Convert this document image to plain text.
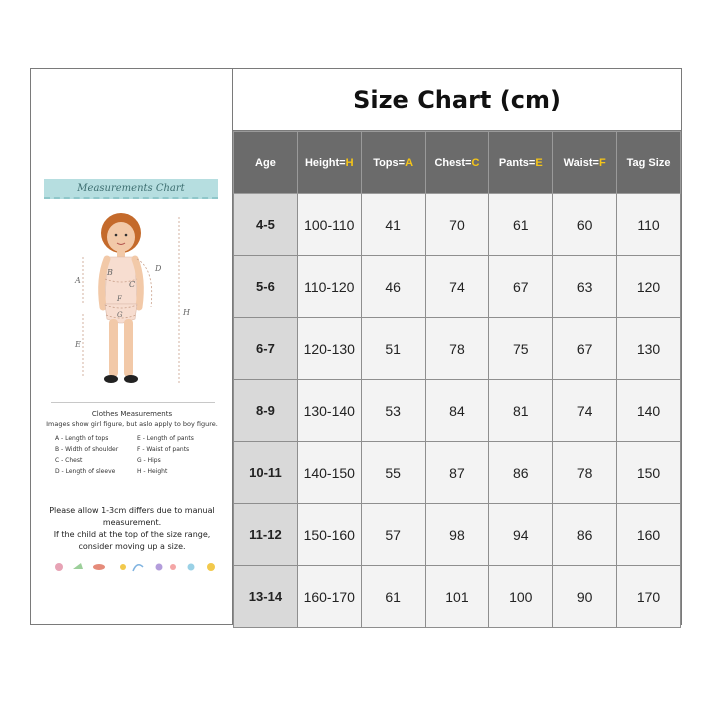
Measurements Chart
B
A	C
D
E
F
G	H
Clothes Measurements
Images show girl figure, but aslo apply to boy figure.
A - Length of tops	E - Length of pants
B - Width of shoulder	F - Waist of pants
C - Chest	G - Hips
D - Length of sleeve	H - Height
Please allow 1-3cm differs due to manual
measurement.
If the child at the top of the size range,
consider moving up a size.
Size Chart (cm)
Age	Height=H	Tops=A	Chest=C	Pants=E	Waist=F	Tag Size
4-5	100-110	41	70	61	60	110
5-6	110-120	46	74	67	63	120
6-7	120-130	51	78	75	67	130
8-9	130-140	53	84	81	74	140
10-11	140-150	55	87	86	78	150
11-12	150-160	57	98	94	86	160
13-14	160-170	61	101	100	90	170
